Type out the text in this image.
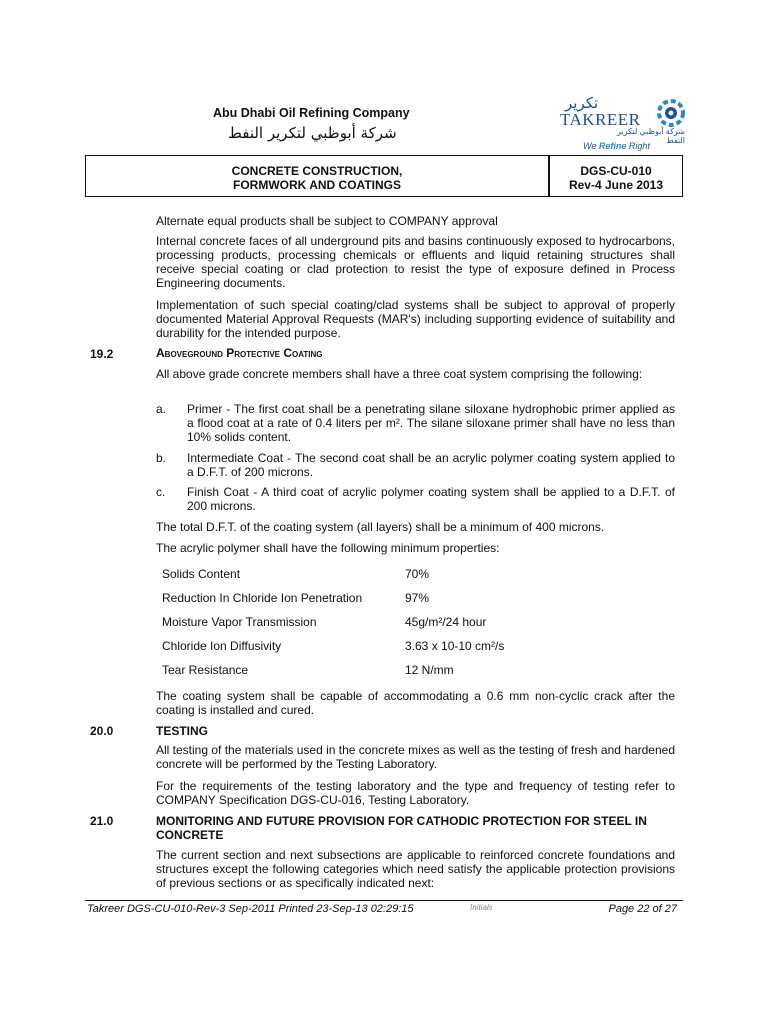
Abu Dhabi Oil Refining Company
شركة أبوظبي لتكرير النفط
تكرير
TAKREER
شركة أبوظبي لتكرير النفط
We Refine Right
CONCRETE CONSTRUCTION,
FORMWORK AND COATINGS
DGS-CU-010
Rev-4 June 2013

Alternate equal products shall be subject to COMPANY approval

Internal concrete faces of all underground pits and basins continuously exposed to hydrocarbons, processing products, processing chemicals or effluents and liquid retaining structures shall receive special coating or clad protection to resist the type of exposure defined in Process Engineering documents.

Implementation of such special coating/clad systems shall be subject to approval of properly documented Material Approval Requests (MAR's) including supporting evidence of suitability and durability for the intended purpose.

19.2	Aboveground Protective Coating

All above grade concrete members shall have a three coat system comprising the following:

a. Primer - The first coat shall be a penetrating silane siloxane hydrophobic primer applied as a flood coat at a rate of 0.4 liters per m². The silane siloxane primer shall have no less than 10% solids content.

b. Intermediate Coat - The second coat shall be an acrylic polymer coating system applied to a D.F.T. of 200 microns.

c. Finish Coat - A third coat of acrylic polymer coating system shall be applied to a D.F.T. of 200 microns.

The total D.F.T. of the coating system (all layers) shall be a minimum of 400 microns.

The acrylic polymer shall have the following minimum properties:

Solids Content	70%
Reduction In Chloride Ion Penetration	97%
Moisture Vapor Transmission	45g/m²/24 hour
Chloride Ion Diffusivity	3.63 x 10-10 cm²/s
Tear Resistance	12 N/mm

The coating system shall be capable of accommodating a 0.6 mm non-cyclic crack after the coating is installed and cured.

20.0	TESTING

All testing of the materials used in the concrete mixes as well as the testing of fresh and hardened concrete will be performed by the Testing Laboratory.

For the requirements of the testing laboratory and the type and frequency of testing refer to COMPANY Specification DGS-CU-016, Testing Laboratory.

21.0	MONITORING AND FUTURE PROVISION FOR CATHODIC PROTECTION FOR STEEL IN CONCRETE

The current section and next subsections are applicable to reinforced concrete foundations and structures except the following categories which need satisfy the applicable protection provisions of previous sections or as specifically indicated next:

Takreer DGS-CU-010-Rev-3 Sep-2011 Printed 23-Sep-13 02:29:15	Initials	Page 22 of 27
